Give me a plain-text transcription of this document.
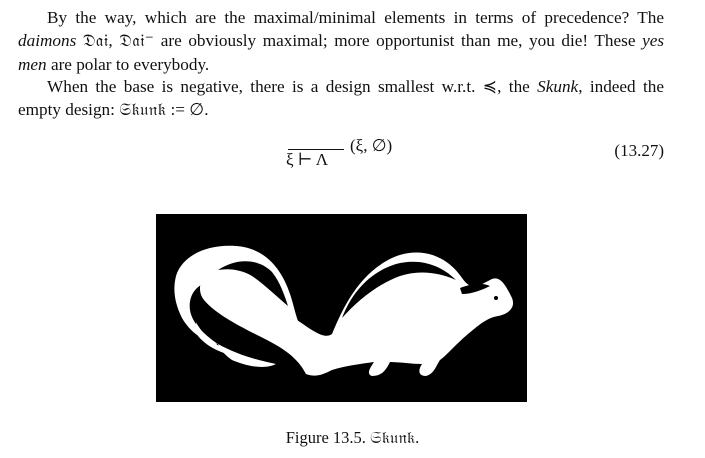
By the way, which are the maximal/minimal elements in terms of precedence? The daimons 𝔇𝔞𝔦, 𝔇𝔞𝔦⁻ are obviously maximal; more opportunist than me, you die! These yes men are polar to everybody.

When the base is negative, there is a design smallest w.r.t. ≼, the Skunk, indeed the empty design: 𝔖𝔨𝔲𝔫𝔨 := ∅.

(ξ, ∅)
ξ ⊢ Λ	(13.27)
Figure 13.5. 𝔖𝔨𝔲𝔫𝔨.
